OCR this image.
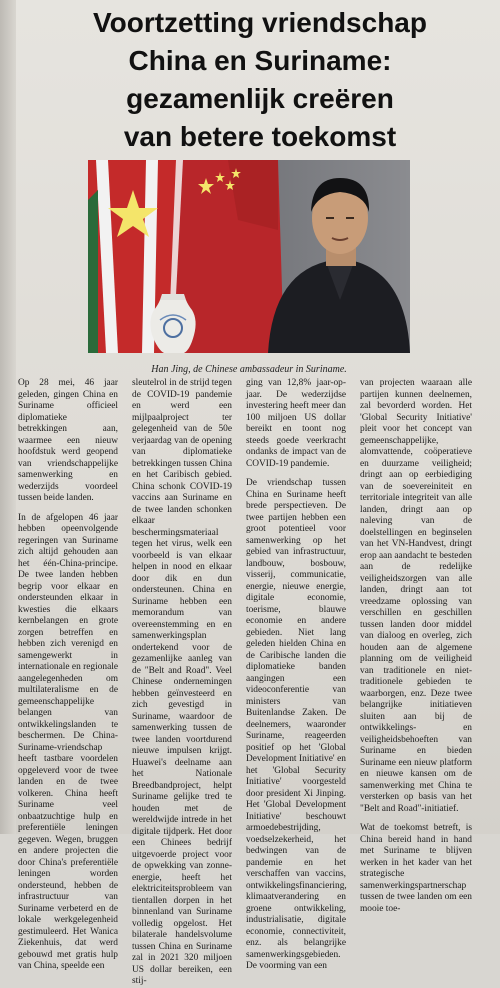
Voortzetting vriendschap
China en Suriname:
gezamenlijk creëren
van betere toekomst
Han Jing, de Chinese ambassadeur in Suriname.

Op 28 mei, 46 jaar geleden, gingen China en Suriname officieel diplomatieke betrekkingen aan, waarmee een nieuw hoofdstuk werd geopend van vriendschappelijke samenwerking en wederzijds voordeel tussen beide landen.

In de afgelopen 46 jaar hebben opeenvolgende regeringen van Suriname zich altijd gehouden aan het één-China-principe. De twee landen hebben begrip voor elkaar en ondersteunden elkaar in kwesties die elkaars kernbelangen en grote zorgen betreffen en hebben zich verenigd en samengewerkt in internationale en regionale aangelegenheden om multilateralisme en de gemeenschappelijke belangen van ontwikkelingslanden te beschermen. De China-Suriname-vriendschap heeft tastbare voordelen opgeleverd voor de twee landen en de twee volkeren. China heeft Suriname veel onbaatzuchtige hulp en preferentiële leningen gegeven. Wegen, bruggen en andere projecten die door China's preferentiële leningen worden ondersteund, hebben de infrastructuur van Suriname verbeterd en de lokale werkgelegenheid gestimuleerd. Het Wanica Ziekenhuis, dat werd gebouwd met gratis hulp van China, speelde een

sleutelrol in de strijd tegen de COVID-19 pandemie en werd een mijlpaalproject ter gelegenheid van de 50e verjaardag van de opening van diplomatieke betrekkingen tussen China en het Caribisch gebied. China schonk COVID-19 vaccins aan Suriname en de twee landen schonken elkaar beschermingsmateriaal tegen het virus, welk een voorbeeld is van elkaar helpen in nood en elkaar door dik en dun ondersteunen. China en Suriname hebben een memorandum van overeenstemming en en samenwerkingsplan ondertekend voor de gezamenlijke aanleg van de "Belt and Road". Veel Chinese ondernemingen hebben geïnvesteerd en zich gevestigd in Suriname, waardoor de samenwerking tussen de twee landen voortdurend nieuwe impulsen krijgt. Huawei's deelname aan het Nationale Breedbandproject, helpt Suriname gelijke tred te houden met de wereldwijde intrede in het digitale tijdperk. Het door een Chinees bedrijf uitgevoerde project voor de opwekking van zonne-energie, heeft het elektriciteitsprobleem van tientallen dorpen in het binnenland van Suriname volledig opgelost. Het bilaterale handelsvolume tussen China en Suriname zal in 2021 320 miljoen US dollar bereiken, een stij-

ging van 12,8% jaar-op-jaar. De wederzijdse investering heeft meer dan 100 miljoen US dollar bereikt en toont nog steeds goede veerkracht ondanks de impact van de COVID-19 pandemie.

De vriendschap tussen China en Suriname heeft brede perspectieven. De twee partijen hebben een groot potentieel voor samenwerking op het gebied van infrastructuur, landbouw, bosbouw, visserij, communicatie, energie, nieuwe energie, digitale economie, toerisme, blauwe economie en andere gebieden. Niet lang geleden hielden China en de Caribische landen die diplomatieke banden aangingen een videoconferentie van ministers van Buitenlandse Zaken. De deelnemers, waaronder Suriname, reageerden positief op het 'Global Development Initiative' en het 'Global Security Initiative' voorgesteld door president Xi Jinping. Het 'Global Development Initiative' beschouwt armoedebestrijding, voedselzekerheid, het bedwingen van de pandemie en het verschaffen van vaccins, ontwikkelingsfinanciering, klimaatverandering en groene ontwikkeling, industrialisatie, digitale economie, connectiviteit, enz. als belangrijke samenwerkingsgebieden. De voorming van een

van projecten waaraan alle partijen kunnen deelnemen, zal bevorderd worden. Het 'Global Security Initiative' pleit voor het concept van gemeenschappelijke, alomvattende, coöperatieve en duurzame veiligheid; dringt aan op eerbiediging van de soevereiniteit en territoriale integriteit van alle landen, dringt aan op naleving van de doelstellingen en beginselen van het VN-Handvest, dringt erop aan aandacht te besteden aan de redelijke veiligheidszorgen van alle landen, dringt aan tot vreedzame oplossing van verschillen en geschillen tussen landen door middel van dialoog en overleg, zich houden aan de algemene planning om de veiligheid van traditionele en niet-traditionele gebieden te waarborgen, enz. Deze twee belangrijke initiatieven sluiten aan bij de ontwikkelings- en veiligheidsbehoeften van Suriname en bieden Suriname een nieuw platform en nieuwe kansen om de samenwerking met China te versterken op basis van het "Belt and Road"-initiatief.

Wat de toekomst betreft, is China bereid hand in hand met Suriname te blijven werken in het kader van het strategische samenwerkingspartnerschap tussen de twee landen om een mooie toe-
